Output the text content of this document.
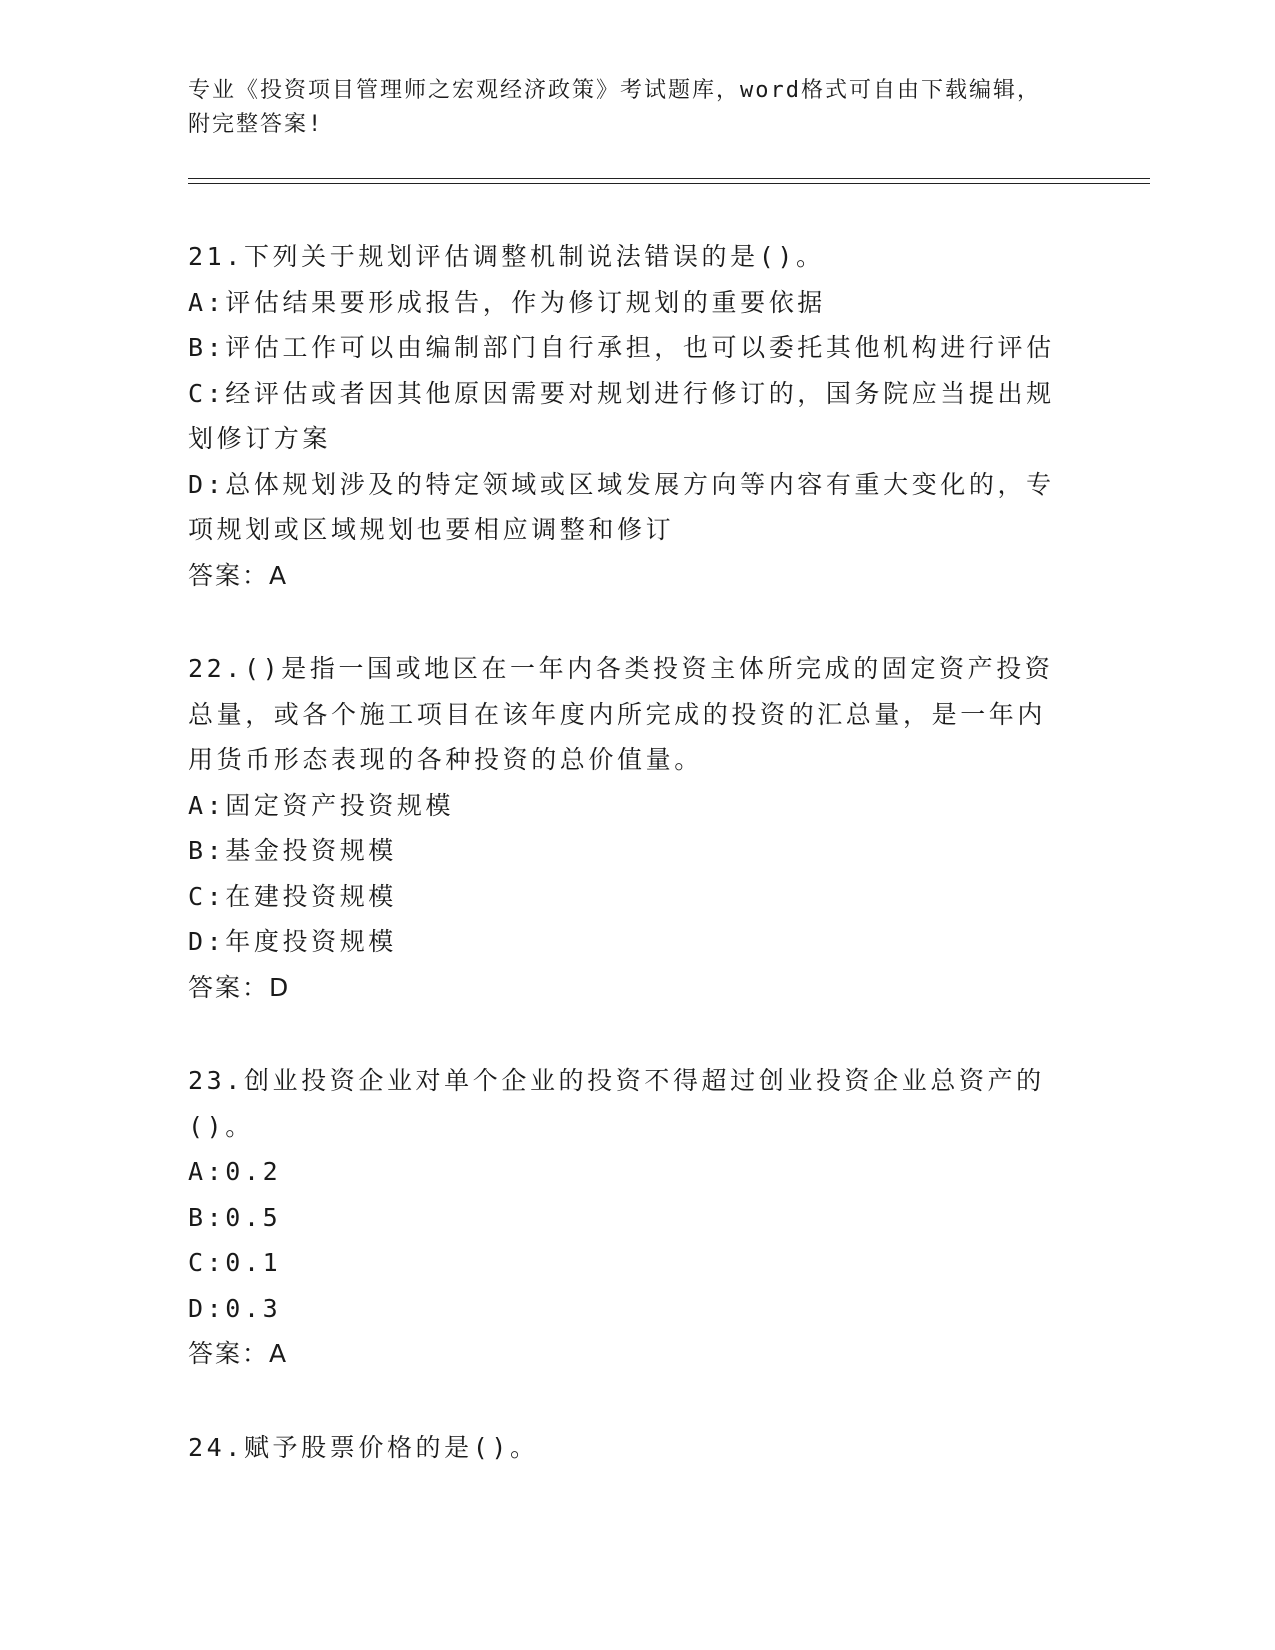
专业《投资项目管理师之宏观经济政策》考试题库，word格式可自由下载编辑，
附完整答案!
21.下列关于规划评估调整机制说法错误的是()。
A:评估结果要形成报告，作为修订规划的重要依据
B:评估工作可以由编制部门自行承担，也可以委托其他机构进行评估
C:经评估或者因其他原因需要对规划进行修订的，国务院应当提出规划修订方案
D:总体规划涉及的特定领域或区域发展方向等内容有重大变化的，专项规划或区域规划也要相应调整和修订
答案：A
22.()是指一国或地区在一年内各类投资主体所完成的固定资产投资总量，或各个施工项目在该年度内所完成的投资的汇总量，是一年内用货币形态表现的各种投资的总价值量。
A:固定资产投资规模
B:基金投资规模
C:在建投资规模
D:年度投资规模
答案：D
23.创业投资企业对单个企业的投资不得超过创业投资企业总资产的()。
A:0.2
B:0.5
C:0.1
D:0.3
答案：A
24.赋予股票价格的是()。
